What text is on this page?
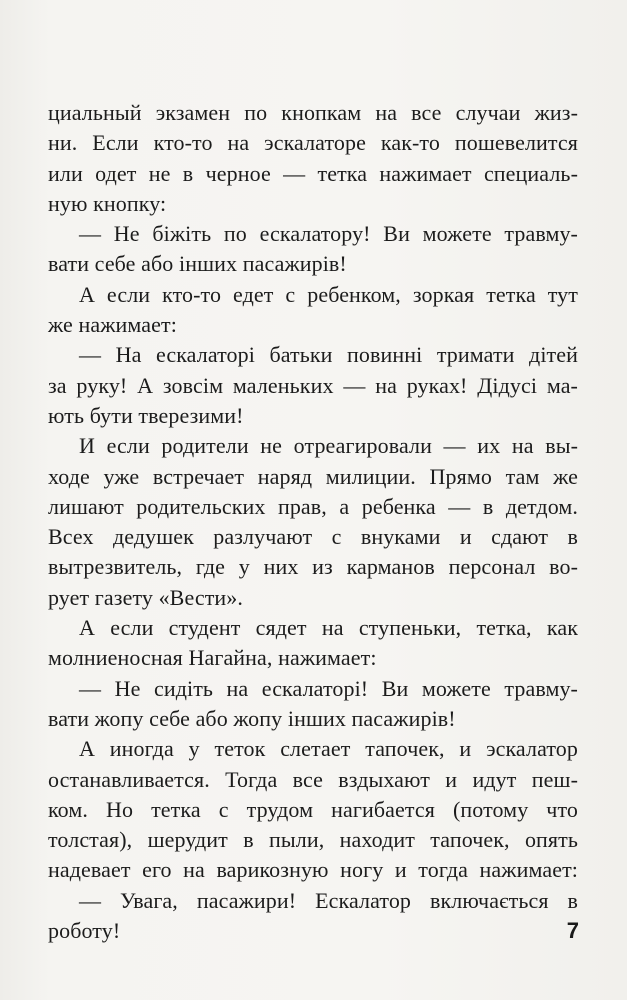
циальный экзамен по кнопкам на все случаи жиз-
ни. Если кто-то на эскалаторе как-то пошевелится
или одет не в черное — тетка нажимает специаль-
ную кнопку:
— Не біжіть по ескалатору! Ви можете травму-
вати себе або інших пасажирів!
А если кто-то едет с ребенком, зоркая тетка тут
же нажимает:
— На ескалаторі батьки повинні тримати дітей
за руку! А зовсім маленьких — на руках! Дідусі ма-
ють бути тверезими!
И если родители не отреагировали — их на вы-
ходе уже встречает наряд милиции. Прямо там же
лишают родительских прав, а ребенка — в детдом.
Всех дедушек разлучают с внуками и сдают в
вытрезвитель, где у них из карманов персонал во-
рует газету «Вести».
А если студент сядет на ступеньки, тетка, как
молниеносная Нагайна, нажимает:
— Не сидіть на ескалаторі! Ви можете травму-
вати жопу себе або жопу інших пасажирів!
А иногда у теток слетает тапочек, и эскалатор
останавливается. Тогда все вздыхают и идут пеш-
ком. Но тетка с трудом нагибается (потому что
толстая), шерудит в пыли, находит тапочек, опять
надевает его на варикозную ногу и тогда нажимает:
— Увага, пасажири! Ескалатор включається в
роботу!	7
